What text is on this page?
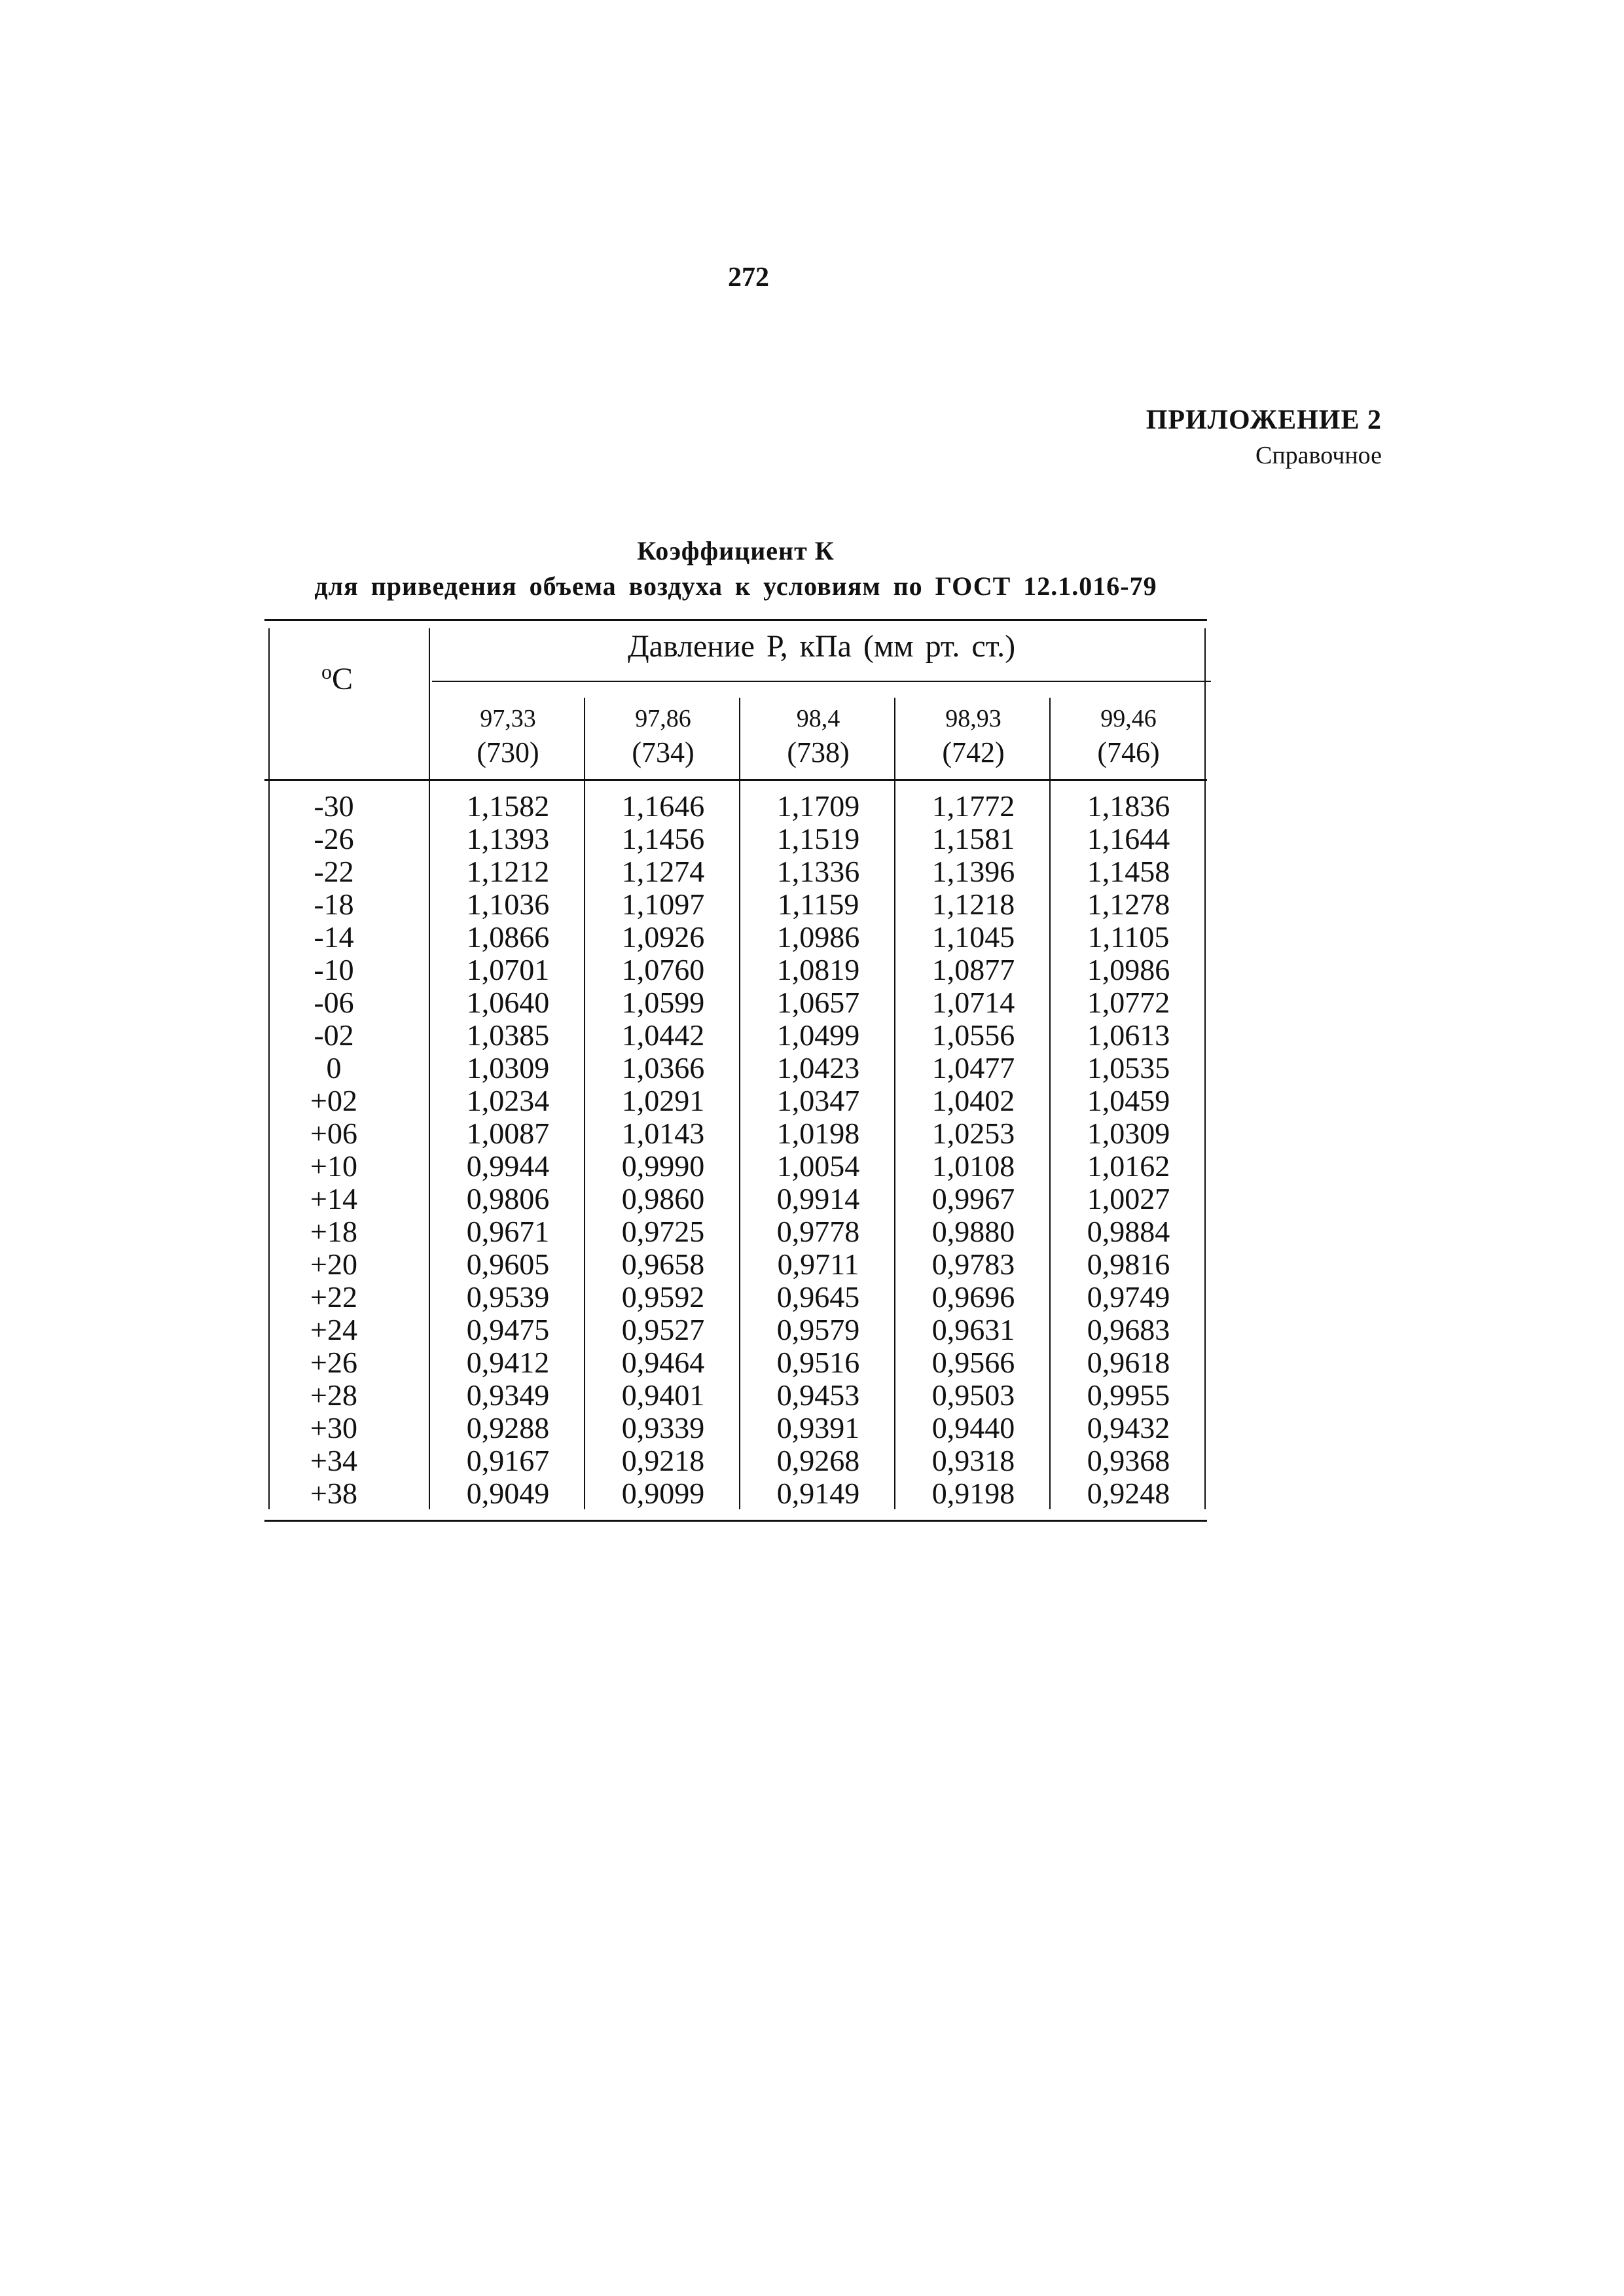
272
ПРИЛОЖЕНИЕ 2
Справочное
Коэффициент К
для приведения объема воздуха к условиям по ГОСТ 12.1.016-79
$^o$C
Давление Р, кПа (мм рт. ст.)
97,33
(730)
97,86
(734)
98,4
(738)
98,93
(742)
99,46
(746)
-30
-26
-22
-18
-14
-10
-06
-02
0
+02
+06
+10
+14
+18
+20
+22
+24
+26
+28
+30
+34
+38
1,1582
1,1393
1,1212
1,1036
1,0866
1,0701
1,0640
1,0385
1,0309
1,0234
1,0087
0,9944
0,9806
0,9671
0,9605
0,9539
0,9475
0,9412
0,9349
0,9288
0,9167
0,9049
1,1646
1,1456
1,1274
1,1097
1,0926
1,0760
1,0599
1,0442
1,0366
1,0291
1,0143
0,9990
0,9860
0,9725
0,9658
0,9592
0,9527
0,9464
0,9401
0,9339
0,9218
0,9099
1,1709
1,1519
1,1336
1,1159
1,0986
1,0819
1,0657
1,0499
1,0423
1,0347
1,0198
1,0054
0,9914
0,9778
0,9711
0,9645
0,9579
0,9516
0,9453
0,9391
0,9268
0,9149
1,1772
1,1581
1,1396
1,1218
1,1045
1,0877
1,0714
1,0556
1,0477
1,0402
1,0253
1,0108
0,9967
0,9880
0,9783
0,9696
0,9631
0,9566
0,9503
0,9440
0,9318
0,9198
1,1836
1,1644
1,1458
1,1278
1,1105
1,0986
1,0772
1,0613
1,0535
1,0459
1,0309
1,0162
1,0027
0,9884
0,9816
0,9749
0,9683
0,9618
0,9955
0,9432
0,9368
0,9248
